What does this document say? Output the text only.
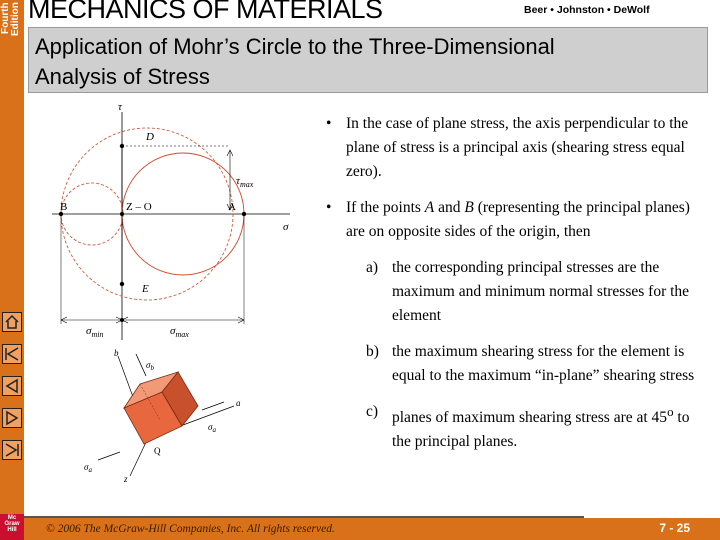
Fourth Edition
Mc Graw Hill
MECHANICS OF MATERIALS	Beer • Johnston • DeWolf
Application of Mohr’s Circle to the Three-Dimensional Analysis of Stress
τ
σ
D
B	Z – O	A
E
$\tau_{max}$
$\sigma_{min}$	$\sigma_{max}$
b
a
z
$\sigma_b$
$\sigma_a$
$\sigma_a$
Q
• In the case of plane stress, the axis perpendicular to the plane of stress is a principal axis (shearing stress equal zero).
• If the points A and B (representing the principal planes) are on opposite sides of the origin, then
a) the corresponding principal stresses are the maximum and minimum normal stresses for the element
b) the maximum shearing stress for the element is equal to the maximum “in-plane” shearing stress
c) planes of maximum shearing stress are at 45$^o$ to the principal planes.
© 2006 The McGraw-Hill Companies, Inc. All rights reserved.	7 - 25
